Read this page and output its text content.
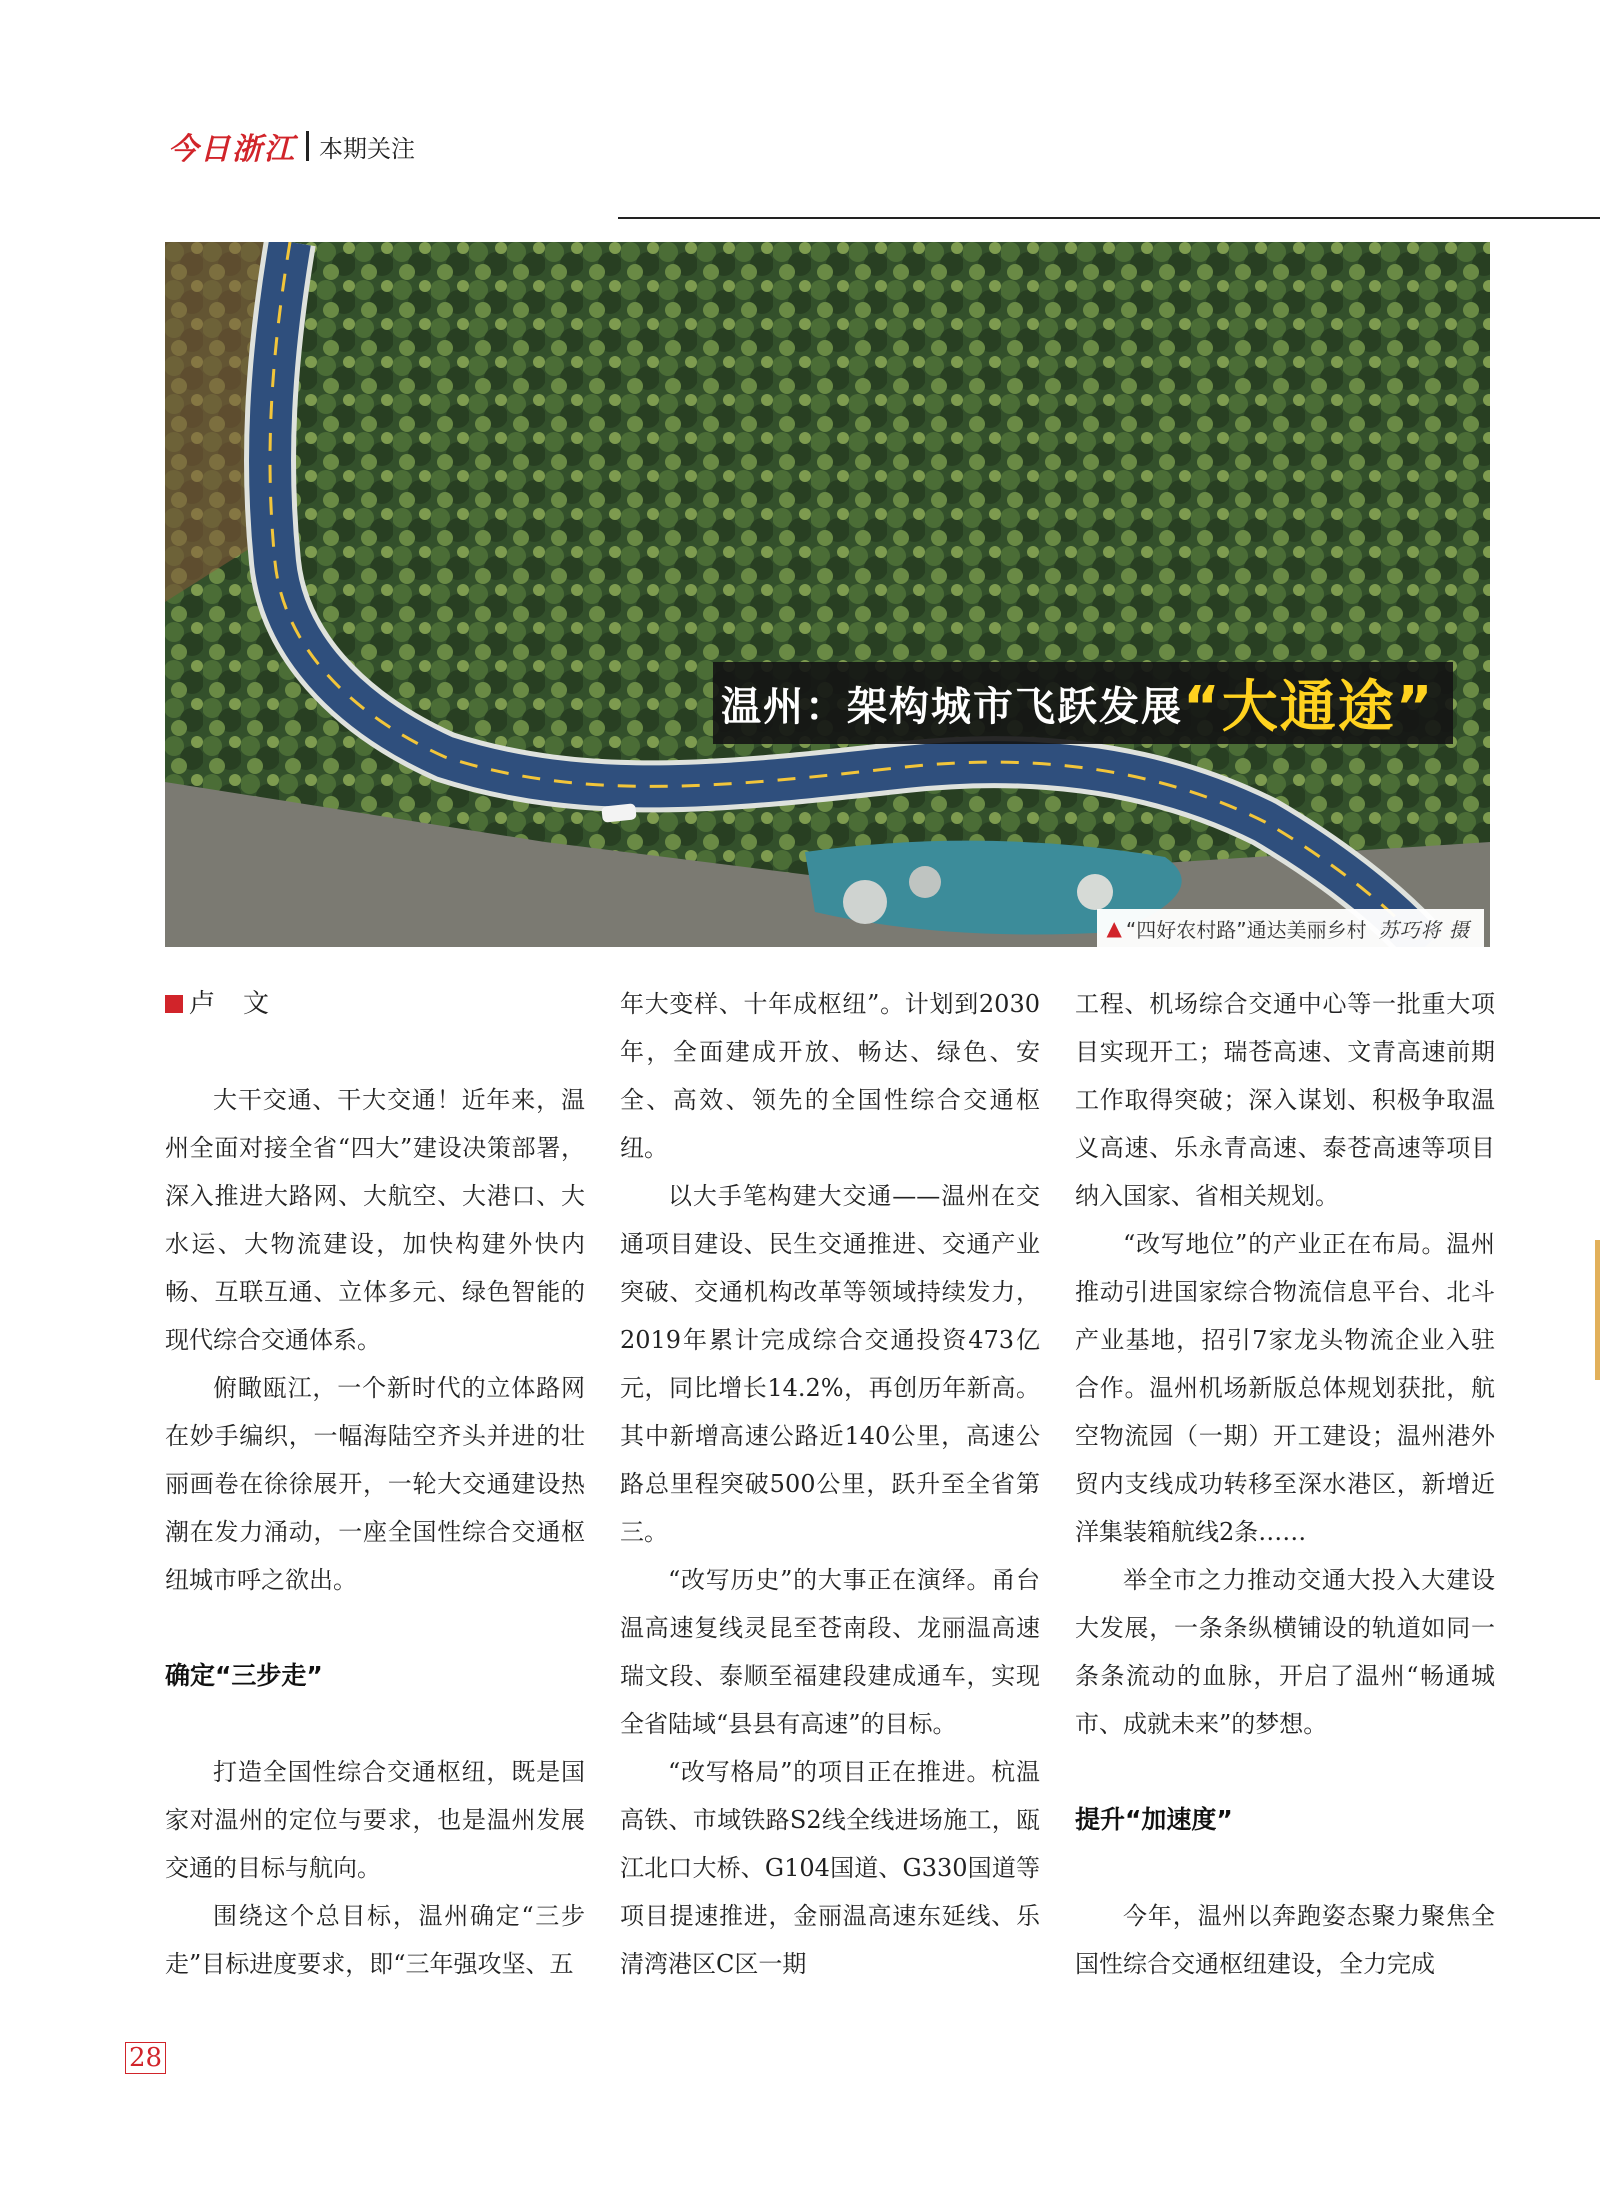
今日浙江 本期关注
温州：架构城市飞跃发展 “大通途”
▲ “四好农村路”通达美丽乡村 苏巧将 摄

卢文

大干交通、干大交通！近年来，温州全面对接全省“四大”建设决策部署，深入推进大路网、大航空、大港口、大水运、大物流建设，加快构建外快内畅、互联互通、立体多元、绿色智能的现代综合交通体系。

俯瞰瓯江，一个新时代的立体路网在妙手编织，一幅海陆空齐头并进的壮丽画卷在徐徐展开，一轮大交通建设热潮在发力涌动，一座全国性综合交通枢纽城市呼之欲出。

确定“三步走”

打造全国性综合交通枢纽，既是国家对温州的定位与要求，也是温州发展交通的目标与航向。

围绕这个总目标，温州确定“三步走”目标进度要求，即“三年强攻坚、五

年大变样、十年成枢纽”。计划到2030年，全面建成开放、畅达、绿色、安全、高效、领先的全国性综合交通枢纽。

以大手笔构建大交通——温州在交通项目建设、民生交通推进、交通产业突破、交通机构改革等领域持续发力，2019年累计完成综合交通投资473亿元，同比增长14.2%，再创历年新高。其中新增高速公路近140公里，高速公路总里程突破500公里，跃升至全省第三。

“改写历史”的大事正在演绎。甬台温高速复线灵昆至苍南段、龙丽温高速瑞文段、泰顺至福建段建成通车，实现全省陆域“县县有高速”的目标。

“改写格局”的项目正在推进。杭温高铁、市域铁路S2线全线进场施工，瓯江北口大桥、G104国道、G330国道等项目提速推进，金丽温高速东延线、乐清湾港区C区一期

工程、机场综合交通中心等一批重大项目实现开工；瑞苍高速、文青高速前期工作取得突破；深入谋划、积极争取温义高速、乐永青高速、泰苍高速等项目纳入国家、省相关规划。

“改写地位”的产业正在布局。温州推动引进国家综合物流信息平台、北斗产业基地，招引7家龙头物流企业入驻合作。温州机场新版总体规划获批，航空物流园（一期）开工建设；温州港外贸内支线成功转移至深水港区，新增近洋集装箱航线2条……

举全市之力推动交通大投入大建设大发展，一条条纵横铺设的轨道如同一条条流动的血脉，开启了温州“畅通城市、成就未来”的梦想。

提升“加速度”

今年，温州以奔跑姿态聚力聚焦全国性综合交通枢纽建设，全力完成

28
